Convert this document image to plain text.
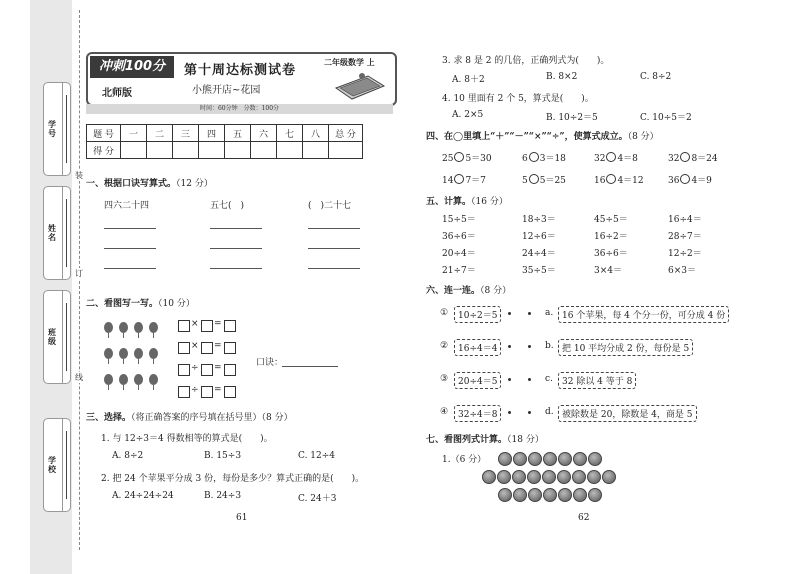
学号
姓名
班级
学校
装
订
线
冲刺100分
北师版
第十周达标测试卷
小熊开店~花园
二年级数学 上
时间：60分钟　分数：100分
题 号	一	二	三	四	五	六	七	八	总 分
得 分									
一、根据口诀写算式。（12 分）
四六二十四	五七(　)	(　)二十七
二、看图写一写。（10 分）
× =
× =
÷ =
÷ =
口诀：
三、选择。（将正确答案的序号填在括号里）（8 分）
1. 与 12÷3＝4 得数相等的算式是(　　)。
A. 8÷2	B. 15÷3	C. 12÷4
2. 把 24 个苹果平分成 3 份，每份是多少？算式正确的是(　　)。
A. 24÷24÷24	B. 24÷3	C. 24＋3
61
3. 求 8 是 2 的几倍，正确列式为(　　)。
A. 8＋2	B. 8×2	C. 8÷2
4. 10 里面有 2 个 5，算式是(　　)。
A. 2×5	B. 10÷2＝5	C. 10÷5＝2
四、在◯里填上“＋”“－”“×”“÷”，使算式成立。（8 分）
25 5＝30	6 3＝18	32 4＝8	32 8＝24
14 7＝7	5 5＝25	16 4＝12	36 4＝9
五、计算。（16 分）
15÷5＝	18÷3＝	45÷5＝	16÷4＝
36÷6＝	12÷6＝	16÷2＝	28÷7＝
20÷4＝	24÷4＝	36÷6＝	12÷2＝
21÷7＝	35÷5＝	3×4＝	6×3＝
六、连一连。（8 分）
①	10÷2＝5	a. 16 个苹果，每 4 个分一份，可分成 4 份
②	16÷4＝4	b. 把 10 平均分成 2 份，每份是 5
③	20÷4＝5	c.	32 除以 4 等于 8
④	32÷4＝8	d. 被除数是 20，除数是 4，商是 5
七、看图列式计算。（18 分）
1.（6 分）
62
